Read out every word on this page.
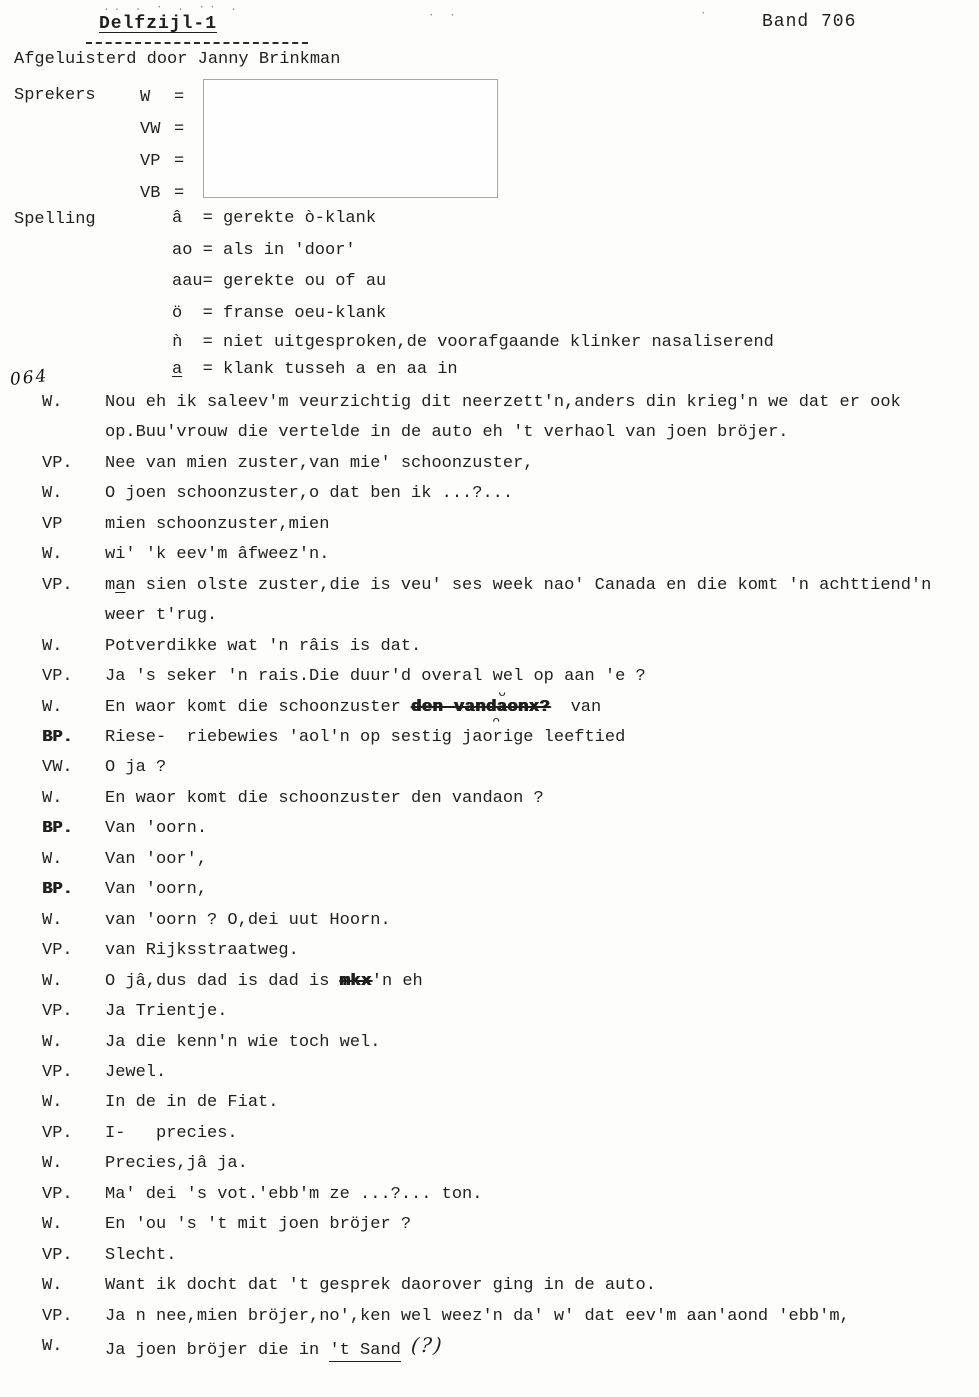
Delfzijl-1	Band 706
Afgeluisterd door Janny Brinkman
Sprekers	W =
VW =
VP =
VB =
Spelling	â = gerekte ò-klank
ao = als in 'door'
aau= gerekte ou of au
ö = franse oeu-klank
ǹ = niet uitgesproken,de voorafgaande klinker nasaliserend
a = klank tusseh a en aa in
064
W.	Nou eh ik saleev'm veurzichtig dit neerzett'n,anders din krieg'n we dat er ook
op.Buu'vrouw die vertelde in de auto eh 't verhaol van joen bröjer.
VP. Nee van mien zuster,van mie' schoonzuster,
W.	O joen schoonzuster,o dat ben ik ...?...
VP	mien schoonzuster,mien
W.	wi' 'k eev'm âfweez'n.
VP. man sien olste zuster,die is veu' ses week nao' Canada en die komt 'n achttiend'n
weer t'rug.
W.	Potverdikke wat 'n râis is dat.
VP. Ja 's seker 'n rais.Die duur'd overal wel op aan 'e ?
W.	En waor komt die schoonzuster den vandaonx?ᴗᴖ  van
BP. Riese-  riebewies 'aol'n op sestig jaorige leeftied
VW. O ja ?
W.	En waor komt die schoonzuster den vandaon ?
BP. Van 'oorn.
W.	Van 'oor',
BP. Van 'oorn,
W.	van 'oorn ? O,dei uut Hoorn.
VP. van Rijksstraatweg.
W.	O jâ,dus dad is dad is mkx'n eh
VP. Ja Trientje.
W.	Ja die kenn'n wie toch wel.
VP. Jewel.
W.	In de in de Fiat.
VP. I-   precies.
W.	Precies,jâ ja.
VP. Ma' dei 's vot.'ebb'm ze ...?... ton.
W.	En 'ou 's 't mit joen bröjer ?
VP. Slecht.
W.	Want ik docht dat 't gesprek daorover ging in de auto.
VP. Ja n nee,mien bröjer,no',ken wel weez'n da' w' dat eev'm aan'aond 'ebb'm,
W.	Ja joen bröjer die in 't Sand (?)
.. . · . ·· .
· ·	·
